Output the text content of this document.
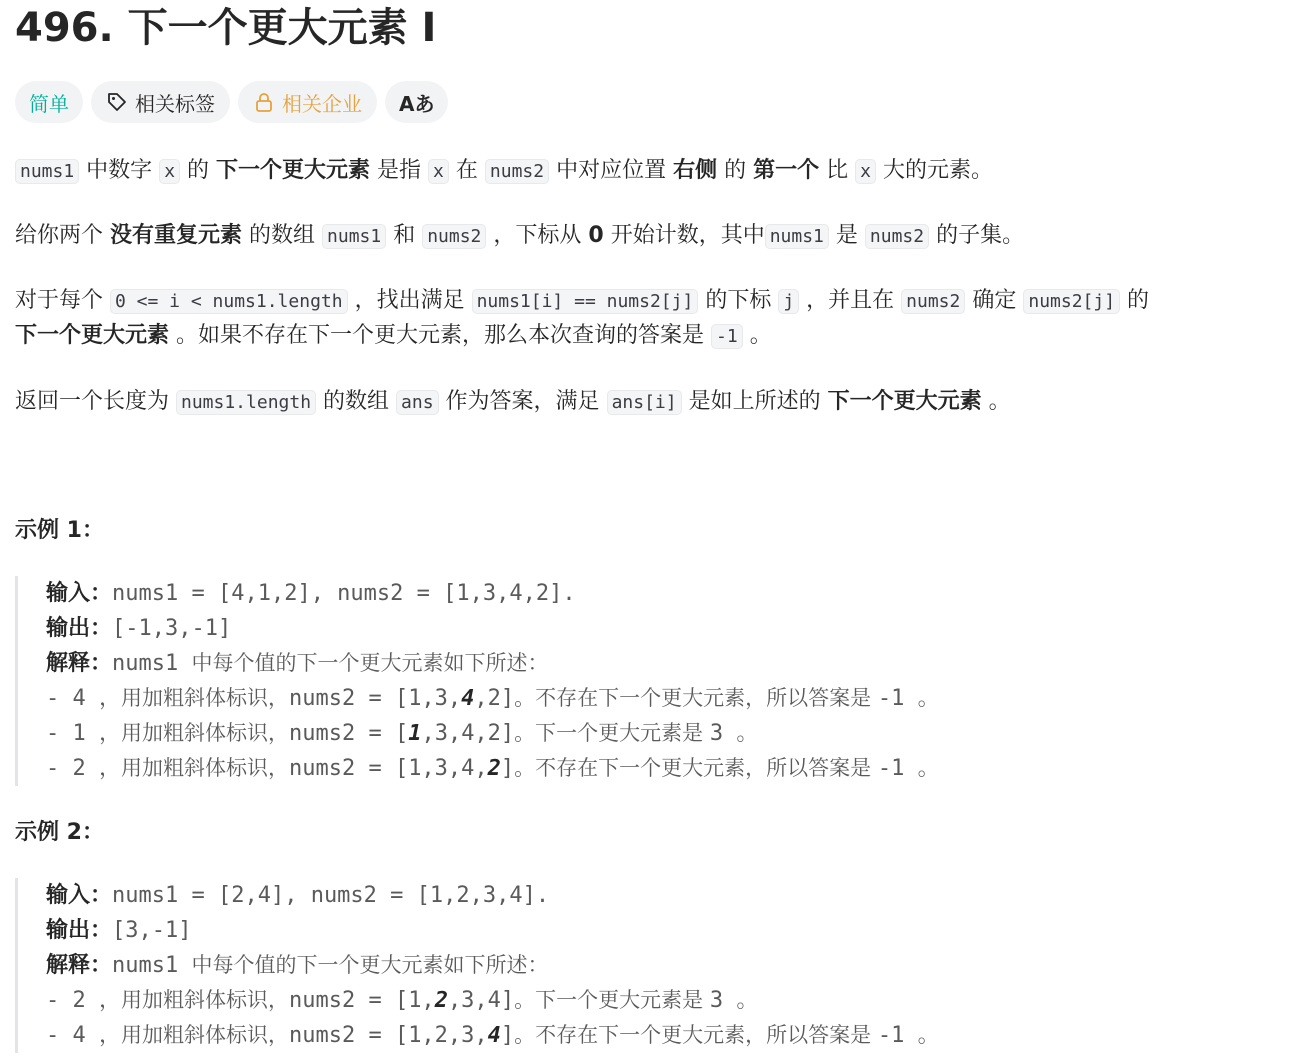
496. 下一个更大元素 I
简单	相关标签	相关企业 Aあ

nums1 中数字 x 的 下一个更大元素 是指 x 在 nums2 中对应位置 右侧 的 第一个 比 x 大的元素。

给你两个 没有重复元素 的数组 nums1 和 nums2 ，下标从 0 开始计数，其中 nums1 是 nums2 的子集。

对于每个 0 <= i < nums1.length ，找出满足 nums1[i] == nums2[j] 的下标 j ，并且在 nums2 确定 nums2[j] 的

下一个更大元素 。如果不存在下一个更大元素，那么本次查询的答案是 -1 。

返回一个长度为 nums1.length 的数组 ans 作为答案，满足 ans[i] 是如上所述的 下一个更大元素 。

示例 1：
输入：nums1 = [4,1,2], nums2 = [1,3,4,2].
输出：[-1,3,-1]
解释：nums1 中每个值的下一个更大元素如下所述：
- 4 ，用加粗斜体标识，nums2 = [1,3,4,2]。不存在下一个更大元素，所以答案是 -1 。
- 1 ，用加粗斜体标识，nums2 = [1,3,4,2]。下一个更大元素是 3 。
- 2 ，用加粗斜体标识，nums2 = [1,3,4,2]。不存在下一个更大元素，所以答案是 -1 。
示例 2：
输入：nums1 = [2,4], nums2 = [1,2,3,4].
输出：[3,-1]
解释：nums1 中每个值的下一个更大元素如下所述：
- 2 ，用加粗斜体标识，nums2 = [1,2,3,4]。下一个更大元素是 3 。
- 4 ，用加粗斜体标识，nums2 = [1,2,3,4]。不存在下一个更大元素，所以答案是 -1 。
